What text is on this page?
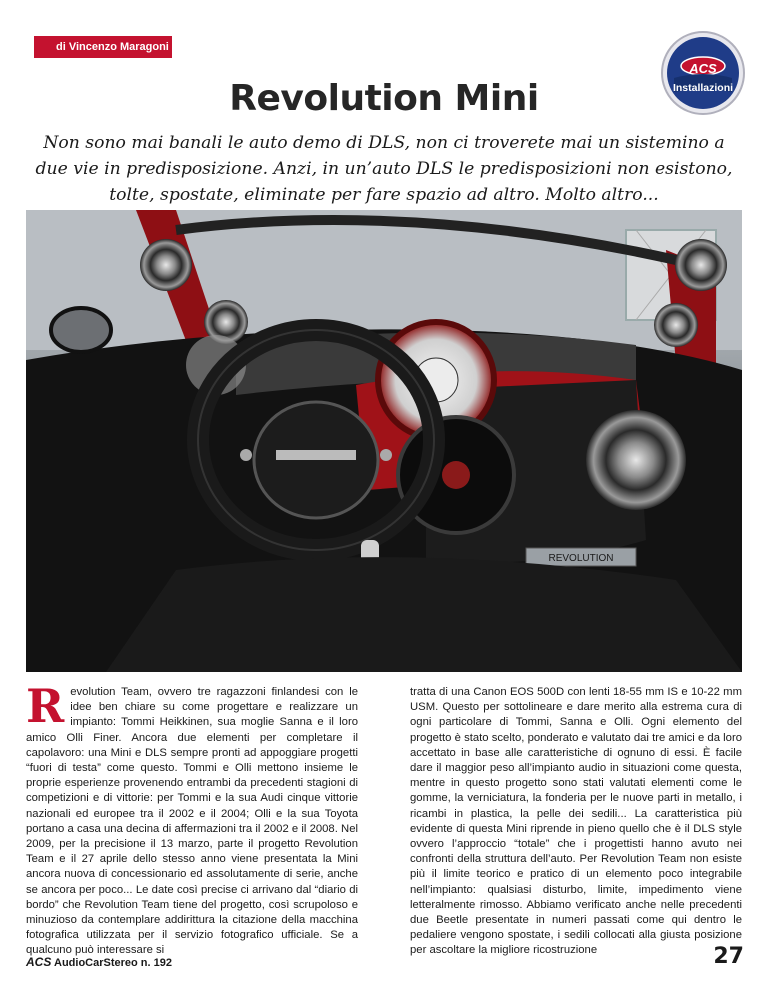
di Vincenzo Maragoni
Revolution Mini
ACS
Installazioni
Non sono mai banali le auto demo di DLS, non ci troverete mai un sistemino a due vie in predisposizione. Anzi, in un’auto DLS le predisposizioni non esistono, tolte, spostate, eliminate per fare spazio ad altro. Molto altro...
REVOLUTION
Revolution Team, ovvero tre ragazzoni finlandesi con le idee ben chiare su come progettare e realizzare un impianto: Tommi Heikkinen, sua moglie Sanna e il loro amico Olli Finer. Ancora due elementi per completare il capolavoro: una Mini e DLS sempre pronti ad appoggiare progetti “fuori di testa” come questo. Tommi e Olli mettono insieme le proprie esperienze provenendo entrambi da precedenti stagioni di competizioni e di vittorie: per Tommi e la sua Audi cinque vittorie nazionali ed europee tra il 2002 e il 2004; Olli e la sua Toyota portano a casa una decina di affermazioni tra il 2002 e il 2008. Nel 2009, per la precisione il 13 marzo, parte il progetto Revolution Team e il 27 aprile dello stesso anno viene presentata la Mini ancora nuova di concessionario ed assolutamente di serie, anche se ancora per poco... Le date così precise ci arrivano dal “diario di bordo” che Revolution Team tiene del progetto, così scrupoloso e minuzioso da contemplare addirittura la citazione della macchina fotografica utilizzata per il servizio fotografico ufficiale. Se a qualcuno può interessare si
tratta di una Canon EOS 500D con lenti 18-55 mm IS e 10-22 mm USM. Questo per sottolineare e dare merito alla estrema cura di ogni particolare di Tommi, Sanna e Olli. Ogni elemento del progetto è stato scelto, ponderato e valutato dai tre amici e da loro accettato in base alle caratteristiche di ognuno di essi. È facile dare il maggior peso all’impianto audio in situazioni come questa, mentre in questo progetto sono stati valutati elementi come le gomme, la verniciatura, la fonderia per le nuove parti in metallo, i ricambi in plastica, la pelle dei sedili... La caratteristica più evidente di questa Mini riprende in pieno quello che è il DLS style ovvero l’approccio “totale” che i progettisti hanno avuto nei confronti della struttura dell’auto. Per Revolution Team non esiste più il limite teorico e pratico di un elemento poco integrabile nell’impianto: qualsiasi disturbo, limite, impedimento viene letteralmente rimosso. Abbiamo verificato anche nelle precedenti due Beetle presentate in numeri passati come qui dentro le pedaliere vengono spostate, i sedili collocati alla giusta posizione per ascoltare la migliore ricostruzione
ACS AudioCarStereo n. 192	27
